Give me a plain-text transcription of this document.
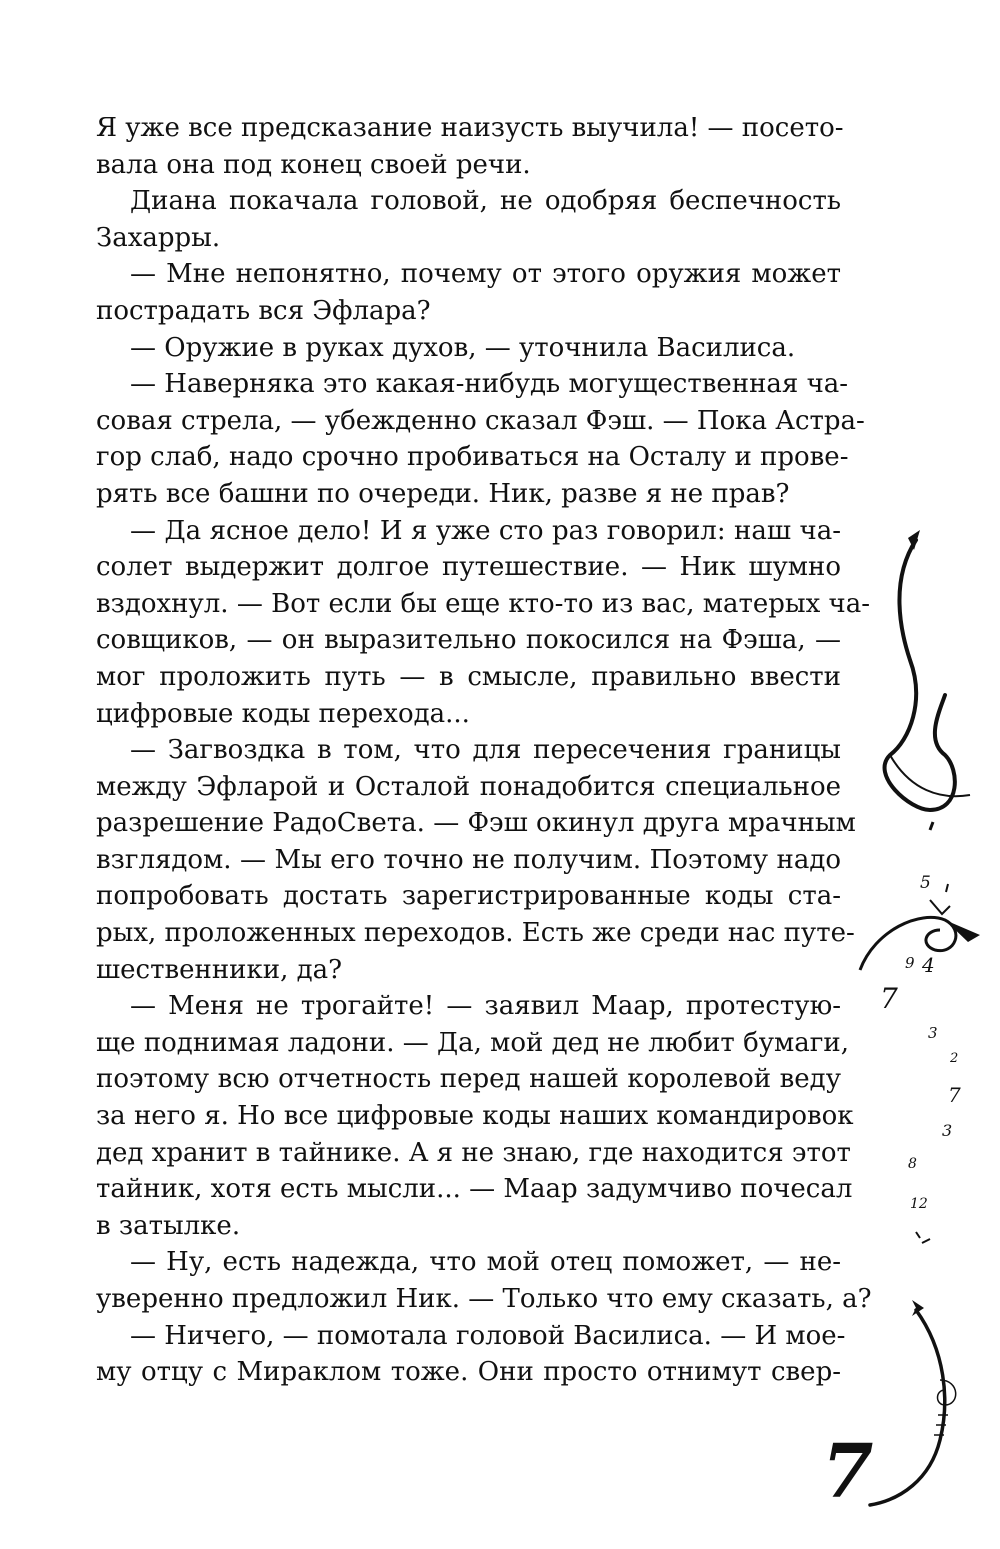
Я уже все предсказание наизусть выучила! — посето-
вала она под конец своей речи.
Диана покачала головой, не одобряя беспечность
Захарры.
— Мне непонятно, почему от этого оружия может
пострадать вся Эфлара?
— Оружие в руках духов, — уточнила Василиса.
— Наверняка это какая-нибудь могущественная ча-
совая стрела, — убежденно сказал Фэш. — Пока Астра-
гор слаб, надо срочно пробиваться на Осталу и прове-
рять все башни по очереди. Ник, разве я не прав?
— Да ясное дело! И я уже сто раз говорил: наш ча-
солет выдержит долгое путешествие. — Ник шумно
вздохнул. — Вот если бы еще кто-то из вас, матерых ча-
совщиков, — он выразительно покосился на Фэша, —
мог проложить путь — в смысле, правильно ввести
цифровые коды перехода...
— Загвоздка в том, что для пересечения границы
между Эфларой и Осталой понадобится специальное
разрешение РадоСвета. — Фэш окинул друга мрачным
взглядом. — Мы его точно не получим. Поэтому надо
попробовать достать зарегистрированные коды ста-
рых, проложенных переходов. Есть же среди нас путе-
шественники, да?
— Меня не трогайте! — заявил Маар, протестую-
ще поднимая ладони. — Да, мой дед не любит бумаги,
поэтому всю отчетность перед нашей королевой веду
за него я. Но все цифровые коды наших командировок
дед хранит в тайнике. А я не знаю, где находится этот
тайник, хотя есть мысли... — Маар задумчиво почесал
в затылке.
— Ну, есть надежда, что мой отец поможет, — не-
уверенно предложил Ник. — Только что ему сказать, а?
— Ничего, — помотала головой Василиса. — И мое-
му отцу с Мираклом тоже. Они просто отнимут свер-
5
9 4
7
3
2
7
3
8
12
7
